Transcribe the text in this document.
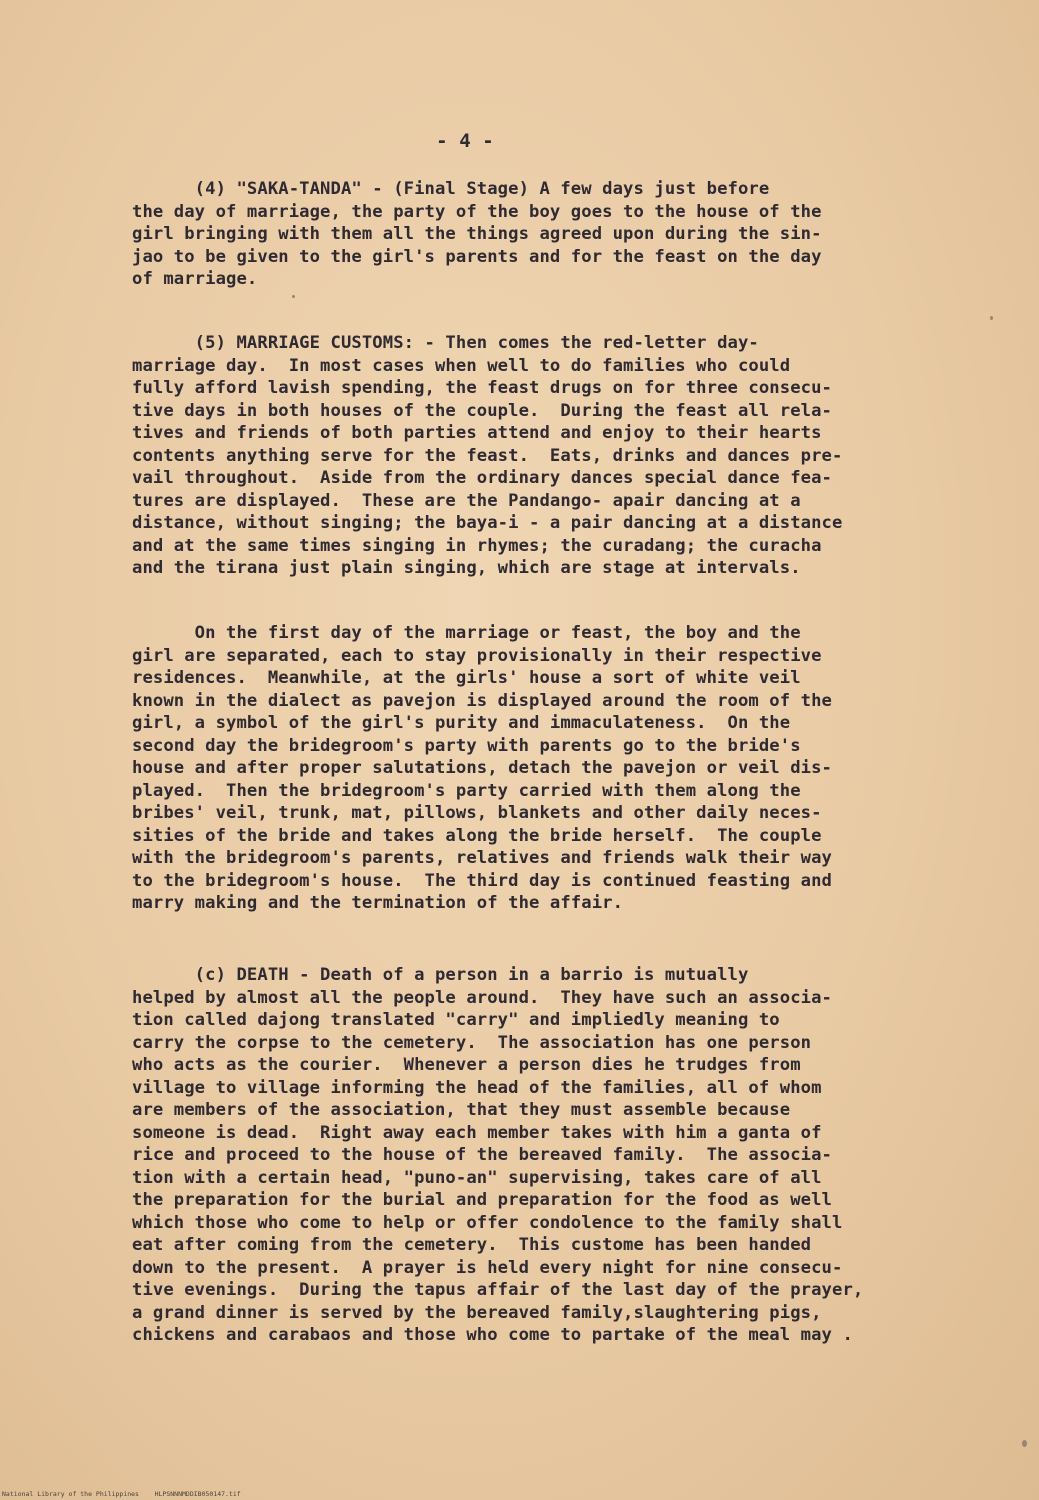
- 4 -

(4) "SAKA-TANDA" - (Final Stage) A few days just before
the day of marriage, the party of the boy goes to the house of the
girl bringing with them all the things agreed upon during the sin-
jao to be given to the girl's parents and for the feast on the day
of marriage.

(5) MARRIAGE CUSTOMS: - Then comes the red-letter day-
marriage day.  In most cases when well to do families who could
fully afford lavish spending, the feast drugs on for three consecu-
tive days in both houses of the couple.  During the feast all rela-
tives and friends of both parties attend and enjoy to their hearts
contents anything serve for the feast.  Eats, drinks and dances pre-
vail throughout.  Aside from the ordinary dances special dance fea-
tures are displayed.  These are the Pandango- apair dancing at a
distance, without singing; the baya-i - a pair dancing at a distance
and at the same times singing in rhymes; the curadang; the curacha
and the tirana just plain singing, which are stage at intervals.

On the first day of the marriage or feast, the boy and the
girl are separated, each to stay provisionally in their respective
residences.  Meanwhile, at the girls' house a sort of white veil
known in the dialect as pavejon is displayed around the room of the
girl, a symbol of the girl's purity and immaculateness.  On the
second day the bridegroom's party with parents go to the bride's
house and after proper salutations, detach the pavejon or veil dis-
played.  Then the bridegroom's party carried with them along the
bribes' veil, trunk, mat, pillows, blankets and other daily neces-
sities of the bride and takes along the bride herself.  The couple
with the bridegroom's parents, relatives and friends walk their way
to the bridegroom's house.  The third day is continued feasting and
marry making and the termination of the affair.

(c) DEATH - Death of a person in a barrio is mutually
helped by almost all the people around.  They have such an associa-
tion called dajong translated "carry" and impliedly meaning to
carry the corpse to the cemetery.  The association has one person
who acts as the courier.  Whenever a person dies he trudges from
village to village informing the head of the families, all of whom
are members of the association, that they must assemble because
someone is dead.  Right away each member takes with him a ganta of
rice and proceed to the house of the bereaved family.  The associa-
tion with a certain head, "puno-an" supervising, takes care of all
the preparation for the burial and preparation for the food as well
which those who come to help or offer condolence to the family shall
eat after coming from the cemetery.  This custome has been handed
down to the present.  A prayer is held every night for nine consecu-
tive evenings.  During the tapus affair of the last day of the prayer,
a grand dinner is served by the bereaved family,slaughtering pigs,
chickens and carabaos and those who come to partake of the meal may .

National Library of the Philippines    HLPSNNNMDDIB050147.tif
